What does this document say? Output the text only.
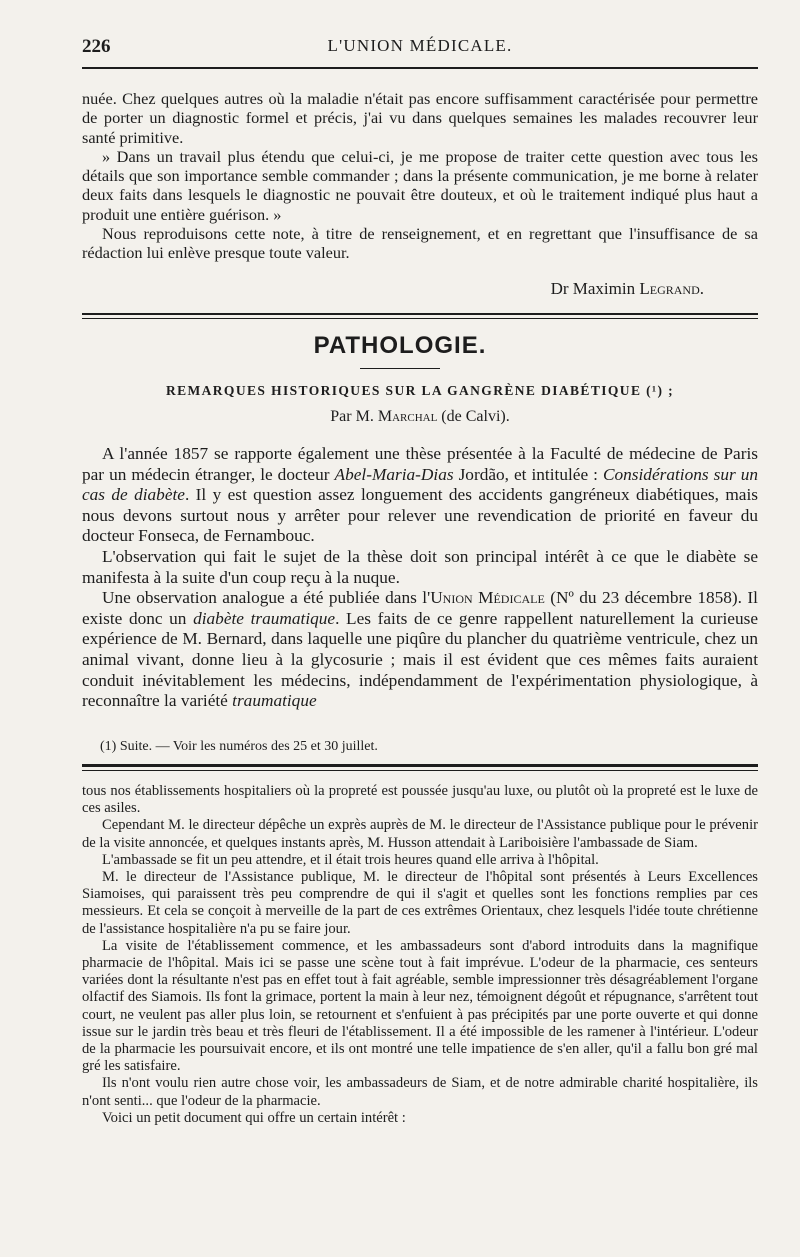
226	L'UNION MÉDICALE.

nuée. Chez quelques autres où la maladie n'était pas encore suffisamment caractérisée pour permettre de porter un diagnostic formel et précis, j'ai vu dans quelques semaines les malades recouvrer leur santé primitive.

» Dans un travail plus étendu que celui-ci, je me propose de traiter cette question avec tous les détails que son importance semble commander ; dans la présente communication, je me borne à relater deux faits dans lesquels le diagnostic ne pouvait être douteux, et où le traitement indiqué plus haut a produit une entière guérison. »

Nous reproduisons cette note, à titre de renseignement, et en regrettant que l'insuffisance de sa rédaction lui enlève presque toute valeur.

Dr Maximin Legrand.
PATHOLOGIE.
REMARQUES HISTORIQUES SUR LA GANGRÈNE DIABÉTIQUE (¹) ;
Par M. Marchal (de Calvi).

A l'année 1857 se rapporte également une thèse présentée à la Faculté de médecine de Paris par un médecin étranger, le docteur Abel-Maria-Dias Jordão, et intitulée : Considérations sur un cas de diabète. Il y est question assez longuement des accidents gangréneux diabétiques, mais nous devons surtout nous y arrêter pour relever une revendication de priorité en faveur du docteur Fonseca, de Fernambouc.

L'observation qui fait le sujet de la thèse doit son principal intérêt à ce que le diabète se manifesta à la suite d'un coup reçu à la nuque.

Une observation analogue a été publiée dans l'Union Médicale (Nº du 23 décembre 1858). Il existe donc un diabète traumatique. Les faits de ce genre rappellent naturellement la curieuse expérience de M. Bernard, dans laquelle une piqûre du plancher du quatrième ventricule, chez un animal vivant, donne lieu à la glycosurie ; mais il est évident que ces mêmes faits auraient conduit inévitablement les médecins, indépendamment de l'expérimentation physiologique, à reconnaître la variété traumatique

(1) Suite. — Voir les numéros des 25 et 30 juillet.

tous nos établissements hospitaliers où la propreté est poussée jusqu'au luxe, ou plutôt où la propreté est le luxe de ces asiles.

Cependant M. le directeur dépêche un exprès auprès de M. le directeur de l'Assistance publique pour le prévenir de la visite annoncée, et quelques instants après, M. Husson attendait à Lariboisière l'ambassade de Siam.

L'ambassade se fit un peu attendre, et il était trois heures quand elle arriva à l'hôpital.

M. le directeur de l'Assistance publique, M. le directeur de l'hôpital sont présentés à Leurs Excellences Siamoises, qui paraissent très peu comprendre de qui il s'agit et quelles sont les fonctions remplies par ces messieurs. Et cela se conçoit à merveille de la part de ces extrêmes Orientaux, chez lesquels l'idée toute chrétienne de l'assistance hospitalière n'a pu se faire jour.

La visite de l'établissement commence, et les ambassadeurs sont d'abord introduits dans la magnifique pharmacie de l'hôpital. Mais ici se passe une scène tout à fait imprévue. L'odeur de la pharmacie, ces senteurs variées dont la résultante n'est pas en effet tout à fait agréable, semble impressionner très désagréablement l'organe olfactif des Siamois. Ils font la grimace, portent la main à leur nez, témoignent dégoût et répugnance, s'arrêtent tout court, ne veulent pas aller plus loin, se retournent et s'enfuient à pas précipités par une porte ouverte et qui donne issue sur le jardin très beau et très fleuri de l'établissement. Il a été impossible de les ramener à l'intérieur. L'odeur de la pharmacie les poursuivait encore, et ils ont montré une telle impatience de s'en aller, qu'il a fallu bon gré mal gré les satisfaire.

Ils n'ont voulu rien autre chose voir, les ambassadeurs de Siam, et de notre admirable charité hospitalière, ils n'ont senti... que l'odeur de la pharmacie.

Voici un petit document qui offre un certain intérêt :
